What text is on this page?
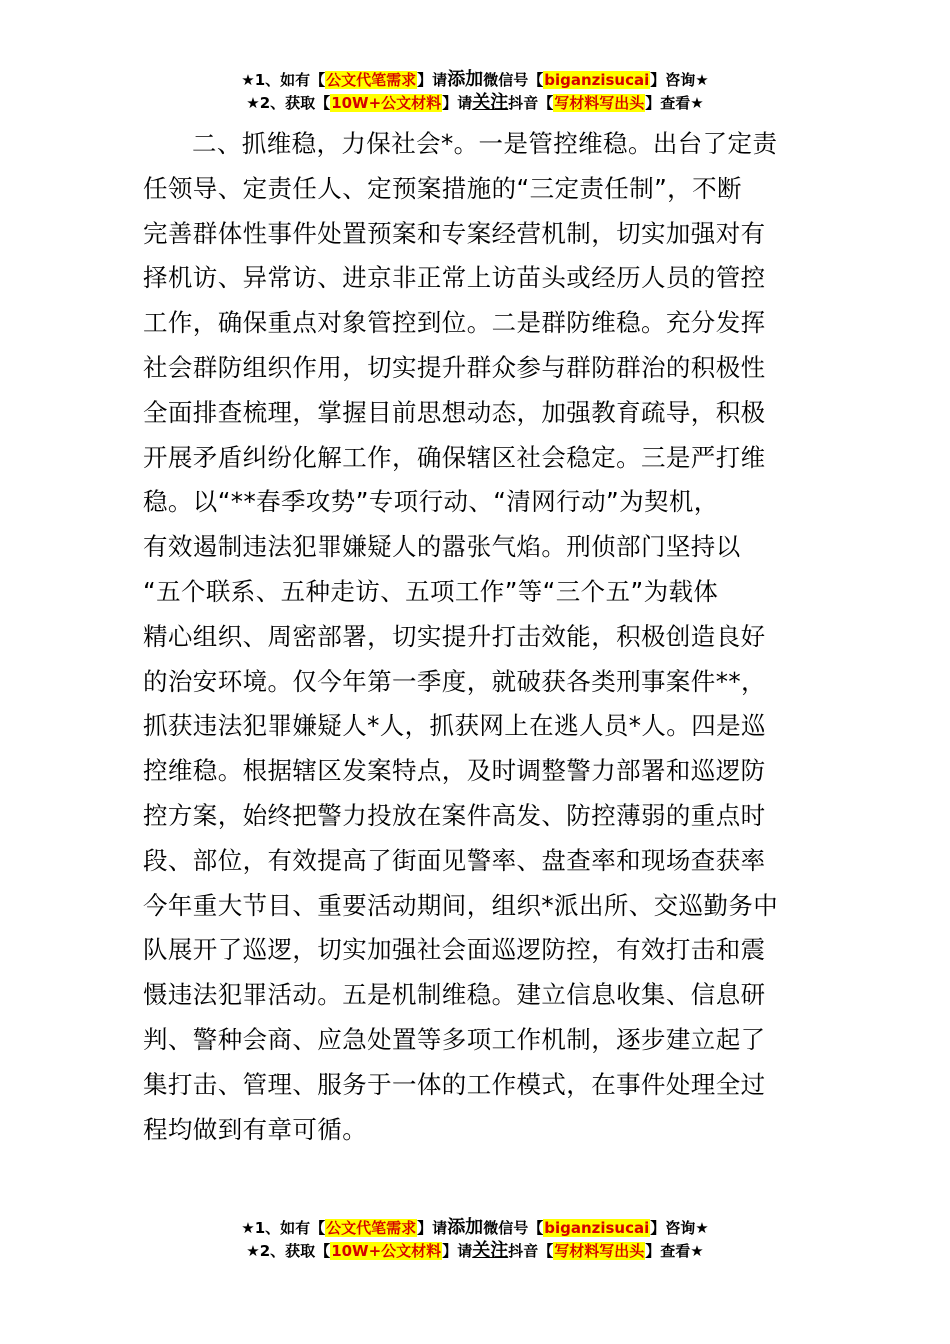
★1、如有【公文代笔需求】请添加微信号【biganzisucai】咨询★
★2、获取【10W+公文材料】请关注抖音【写材料写出头】查看★
二、抓维稳，力保社会*。一是管控维稳。出台了定责
任领导、定责任人、定预案措施的“三定责任制”，不断
完善群体性事件处置预案和专案经营机制，切实加强对有
择机访、异常访、进京非正常上访苗头或经历人员的管控
工作，确保重点对象管控到位。二是群防维稳。充分发挥
社会群防组织作用，切实提升群众参与群防群治的积极性
全面排查梳理，掌握目前思想动态，加强教育疏导，积极
开展矛盾纠纷化解工作，确保辖区社会稳定。三是严打维
稳。以“**春季攻势”专项行动、“清网行动”为契机，
有效遏制违法犯罪嫌疑人的嚣张气焰。刑侦部门坚持以
“五个联系、五种走访、五项工作”等“三个五”为载体
精心组织、周密部署，切实提升打击效能，积极创造良好
的治安环境。仅今年第一季度，就破获各类刑事案件**，
抓获违法犯罪嫌疑人*人，抓获网上在逃人员*人。四是巡
控维稳。根据辖区发案特点，及时调整警力部署和巡逻防
控方案，始终把警力投放在案件高发、防控薄弱的重点时
段、部位，有效提高了街面见警率、盘查率和现场查获率
今年重大节目、重要活动期间，组织*派出所、交巡勤务中
队展开了巡逻，切实加强社会面巡逻防控，有效打击和震
慑违法犯罪活动。五是机制维稳。建立信息收集、信息研
判、警种会商、应急处置等多项工作机制，逐步建立起了
集打击、管理、服务于一体的工作模式，在事件处理全过
程均做到有章可循。
★1、如有【公文代笔需求】请添加微信号【biganzisucai】咨询★
★2、获取【10W+公文材料】请关注抖音【写材料写出头】查看★
